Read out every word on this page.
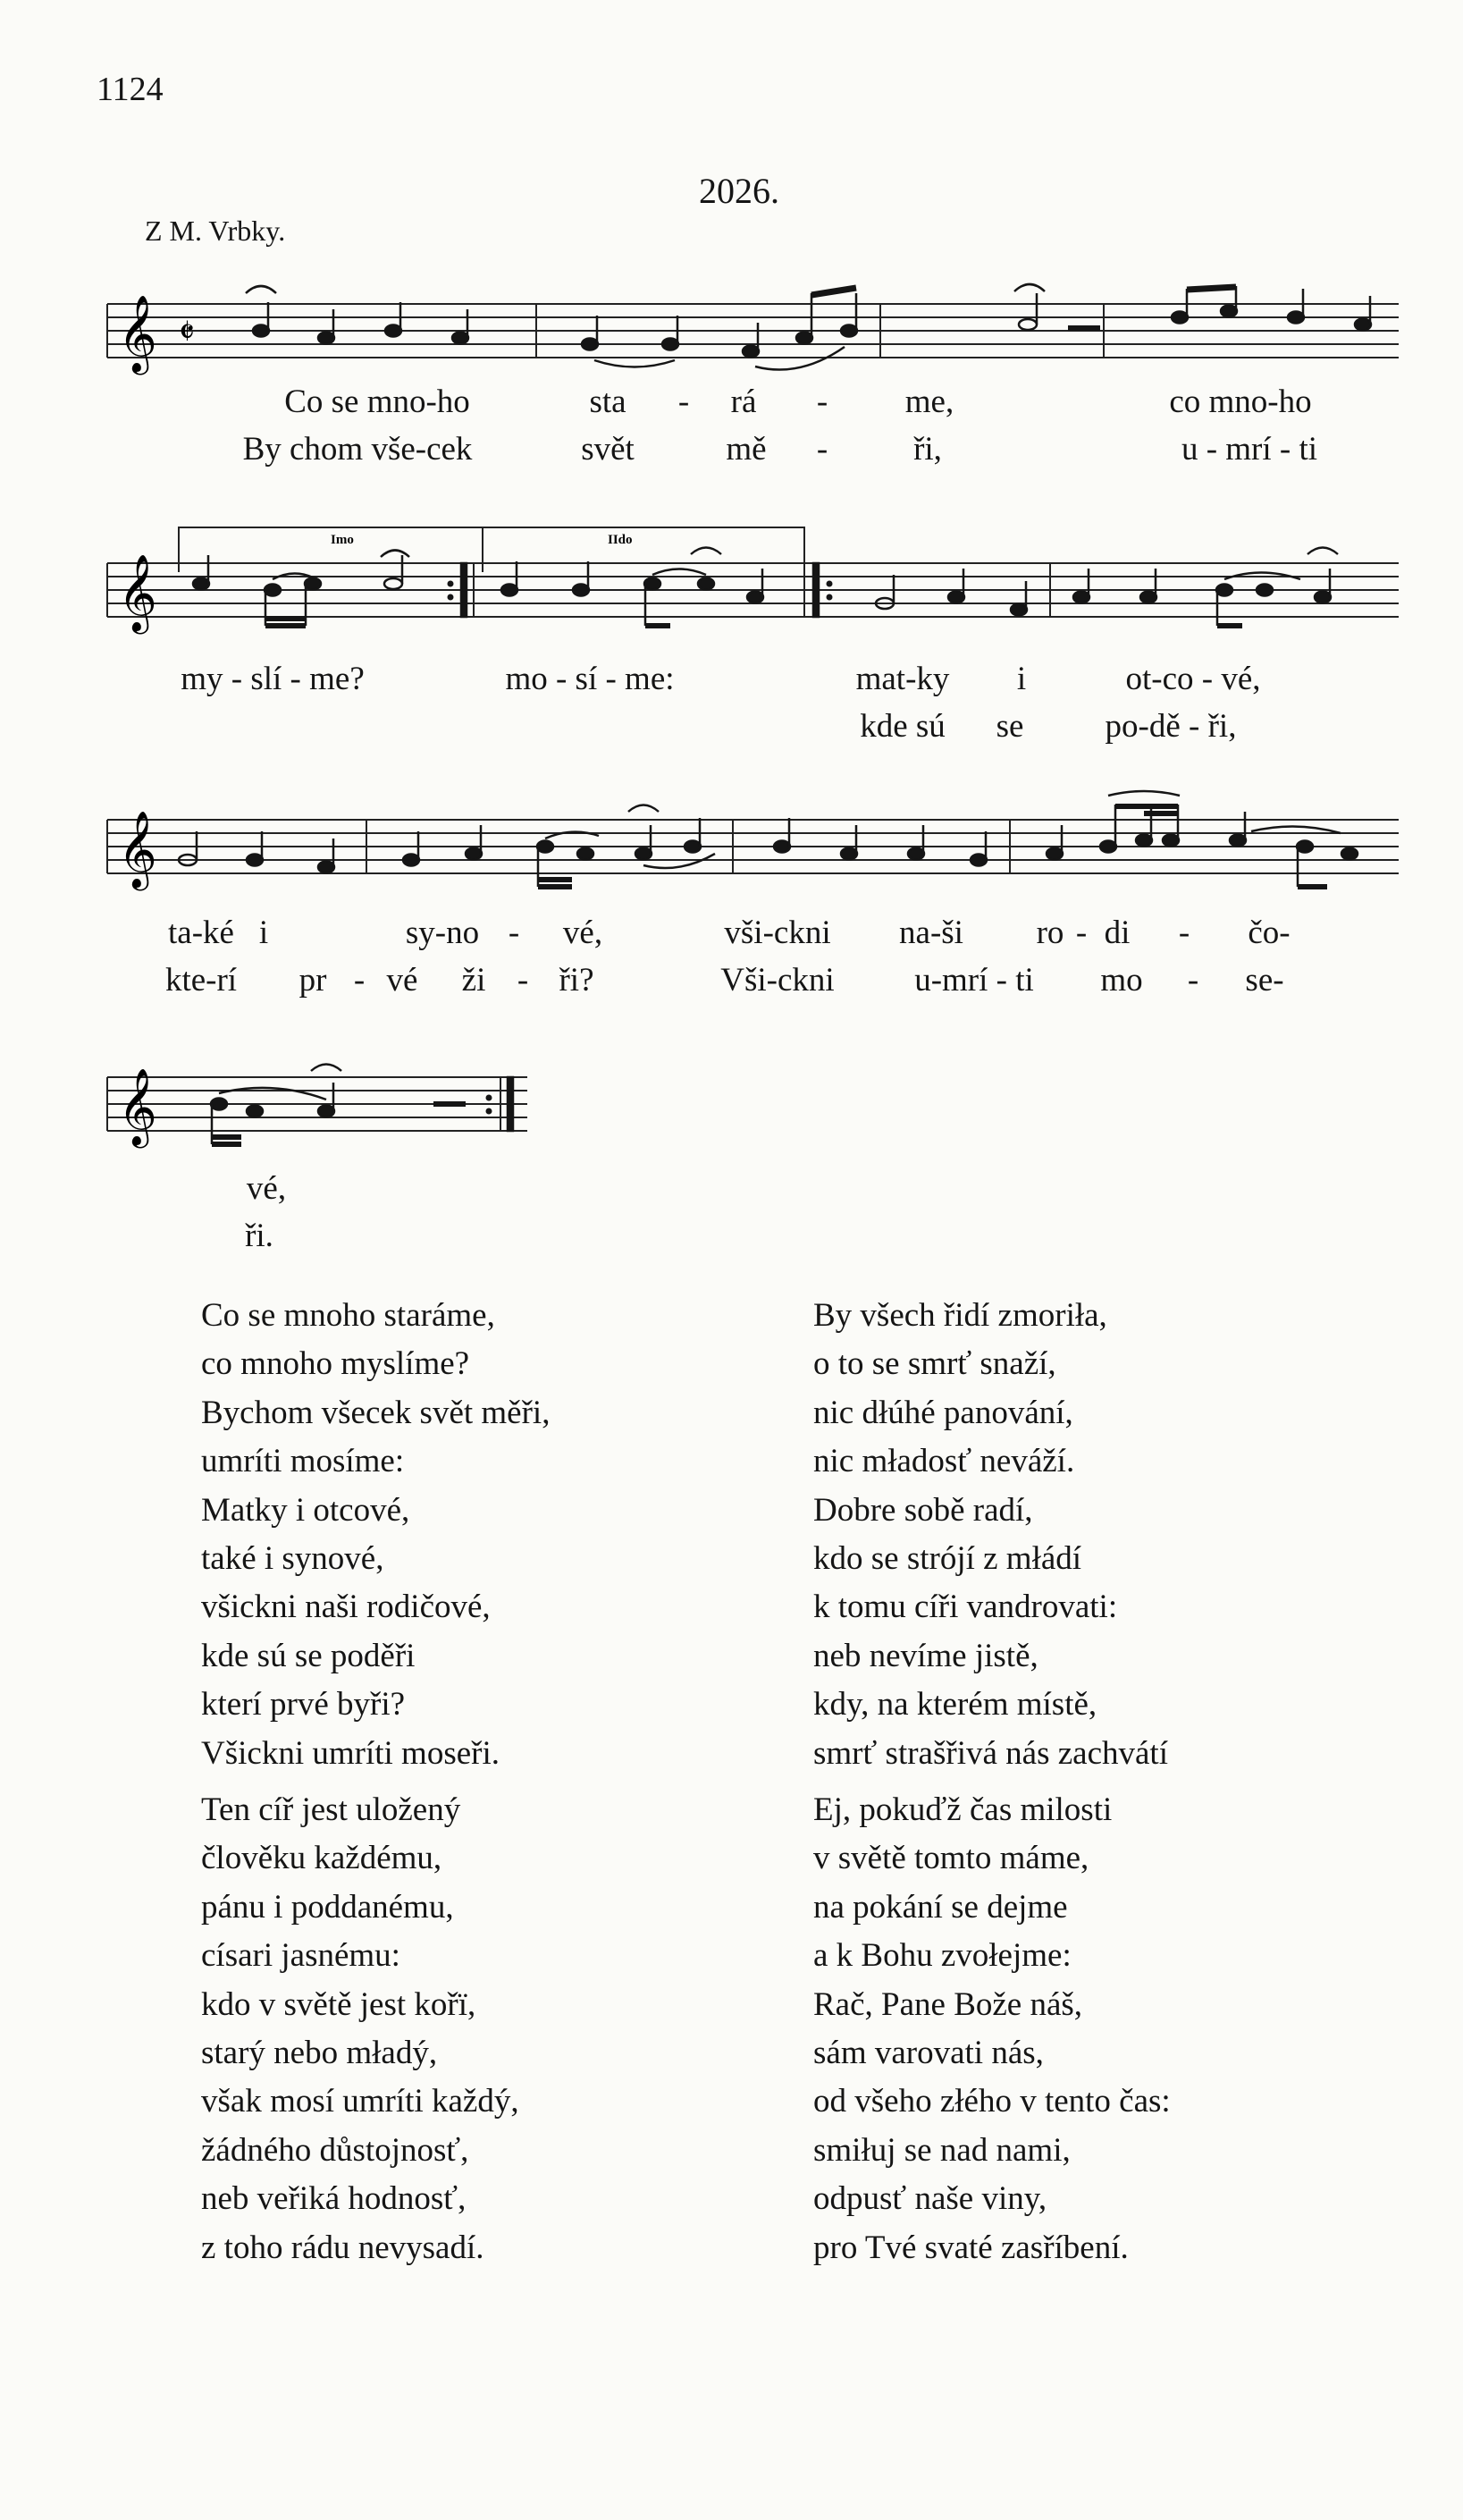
1124
2026.
Z M. Vrbky.
𝄞 𝄵
Co se mno-ho	sta - rá - me,	co mno-ho
By chom vše-cek	svět	mě -	ři,	u - mrí - ti
Imo	IIdo
𝄞
my - slí - me?	mo - sí - me:	mat-ky i	ot-co - vé,
kde sú se po-dě - ři,
𝄞
ta-ké i	sy-no - vé,	vši-ckni na-ši ro - di - čo-
kte-rí pr - vé ži - ři?	Vši-ckni u-mrí - ti mo - se-
𝄞
vé,
ři.
Co se mnoho staráme,
co mnoho myslíme?
Bychom všecek svět měři,
umríti mosíme:
Matky i otcové,
také i synové,
všickni naši rodičové,
kde sú se poděři
kterí prvé byři?
Všickni umríti moseři.
By všech řidí zmoriła,
o to se smrť snaží,
nic dłúhé panování,
nic mładosť neváží.
Dobre sobě radí,
kdo se strójí z młádí
k tomu cíři vandrovati:
neb nevíme jistě,
kdy, na kterém místě,
smrť strašřivá nás zachvátí
Ten cíř jest uložený
člověku každému,
pánu i poddanému,
císari jasnému:
kdo v světě jest kořï,
starý nebo mładý,
však mosí umríti každý,
žádného důstojnosť,
neb veřiká hodnosť,
z toho rádu nevysadí.
Ej, pokuďž čas milosti
v světě tomto máme,
na pokání se dejme
a k Bohu zvołejme:
Rač, Pane Bože náš,
sám varovati nás,
od všeho złého v tento čas:
smiłuj se nad nami,
odpusť naše viny,
pro Tvé svaté zasříbení.
